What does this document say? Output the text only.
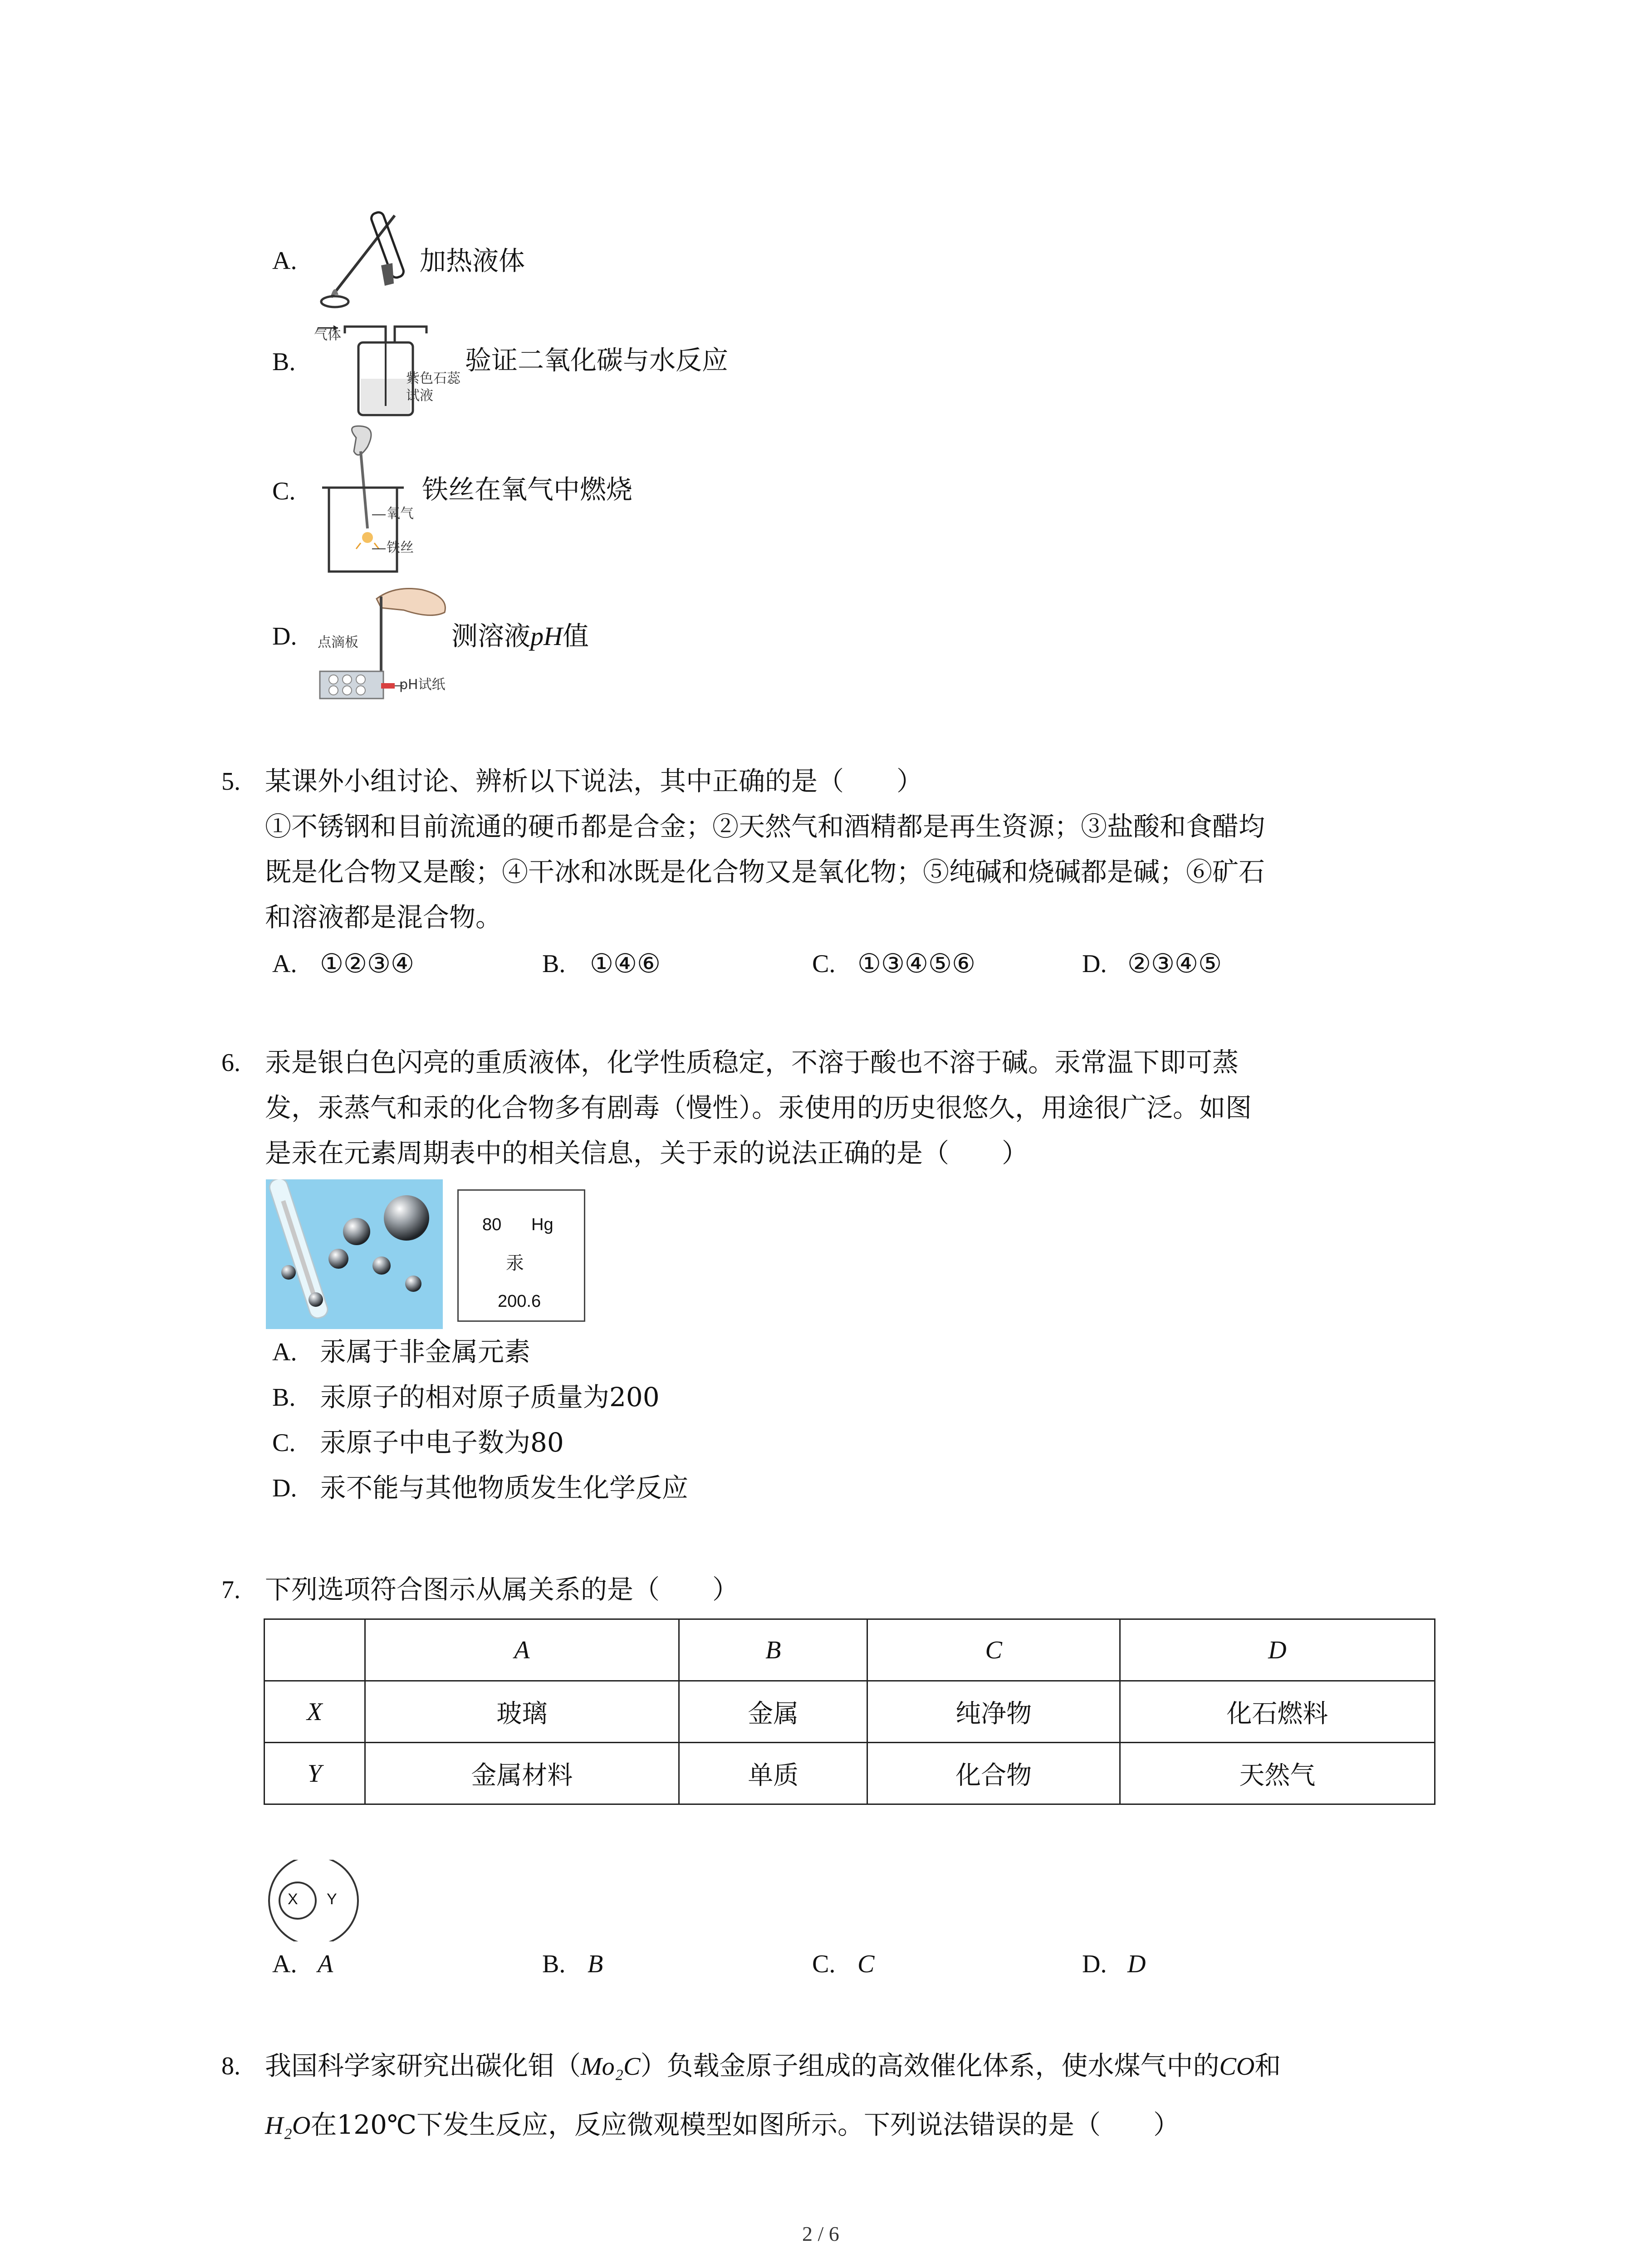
A.	加热液体
B.
气体
紫色石蕊
试液
验证二氧化碳与水反应
C.
氧气
铁丝
铁丝在氧气中燃烧
D. 点滴板
pH试纸
测溶液pH值
5. 某课外小组讨论、辨析以下说法，其中正确的是（　　）
①不锈钢和目前流通的硬币都是合金；②天然气和酒精都是再生资源；③盐酸和食醋均
既是化合物又是酸；④干冰和冰既是化合物又是氧化物；⑤纯碱和烧碱都是碱；⑥矿石
和溶液都是混合物。
A. ①②③④	B. ①④⑥	C. ①③④⑤⑥	D. ②③④⑤
6. 汞是银白色闪亮的重质液体，化学性质稳定，不溶于酸也不溶于碱。汞常温下即可蒸
发，汞蒸气和汞的化合物多有剧毒（慢性）。汞使用的历史很悠久，用途很广泛。如图
是汞在元素周期表中的相关信息，关于汞的说法正确的是（　　）
80 Hg
汞
200.6
A. 汞属于非金属元素
B. 汞原子的相对原子质量为200
C. 汞原子中电子数为80
D. 汞不能与其他物质发生化学反应
7. 下列选项符合图示从属关系的是（　　）
	A	B	C	D
X	玻璃	金属	纯净物	化石燃料
Y	金属材料	单质	化合物	天然气
X Y
A. A	B. B	C. C	D. D
8. 我国科学家研究出碳化钼（Mo₂C）负载金原子组成的高效催化体系，使水煤气中的CO和
H₂O在120℃下发生反应，反应微观模型如图所示。下列说法错误的是（　　）
2 / 6
